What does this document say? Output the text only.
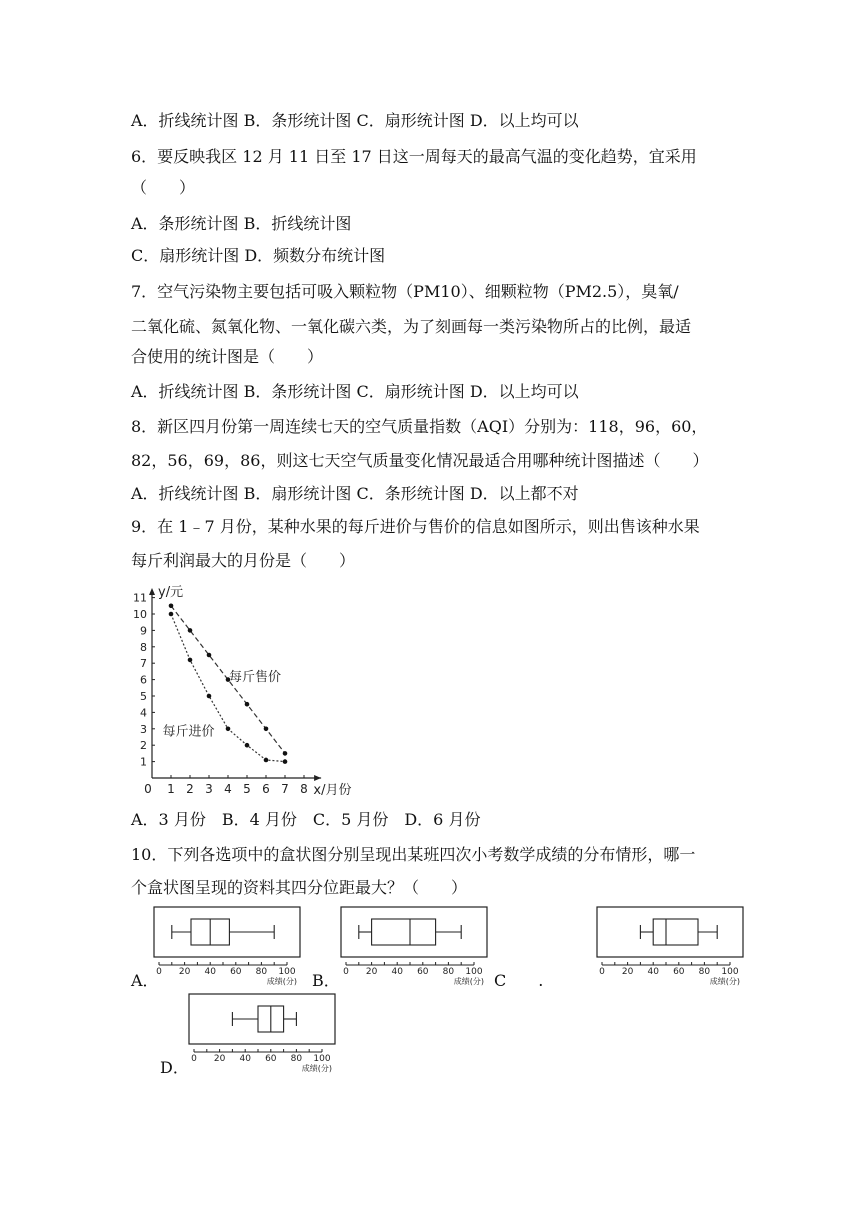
A．折线统计图 B．条形统计图 C．扇形统计图 D．以上均可以
6．要反映我区 12 月 11 日至 17 日这一周每天的最高气温的变化趋势，宜采用
（　　）
A．条形统计图 B．折线统计图
C．扇形统计图 D．频数分布统计图
7．空气污染物主要包括可吸入颗粒物（PM10）、细颗粒物（PM2.5），臭氧/
二氧化硫、氮氧化物、一氧化碳六类，为了刻画每一类污染物所占的比例，最适
合使用的统计图是（　　）
A．折线统计图 B．条形统计图 C．扇形统计图 D．以上均可以
8．新区四月份第一周连续七天的空气质量指数（AQI）分别为：118，96，60，
82，56，69，86，则这七天空气质量变化情况最适合用哪种统计图描述（　　）
A．折线统计图 B．扇形统计图 C．条形统计图 D．以上都不对
9．在 1﹣7 月份，某种水果的每斤进价与售价的信息如图所示，则出售该种水果
每斤利润最大的月份是（　　）
0 1 2 3 4 5 6 7 8
1
2
3
4
5
6
7
8
9
10
11 y/元
x/月份
每斤售价
每斤进价
A．3 月份　B．4 月份　C．5 月份　D．6 月份
10．下列各选项中的盒状图分别呈现出某班四次小考数学成绩的分布情形，哪一
个盒状图呈现的资料其四分位距最大？（　　）
A．
0 20 40 60 80 100
成绩(分) B． 0 20 40 60 80 100
成绩(分) C　　.	0 20 40 60 80 100
成绩(分)
D． 0 20 40 60 80 100
成绩(分)
